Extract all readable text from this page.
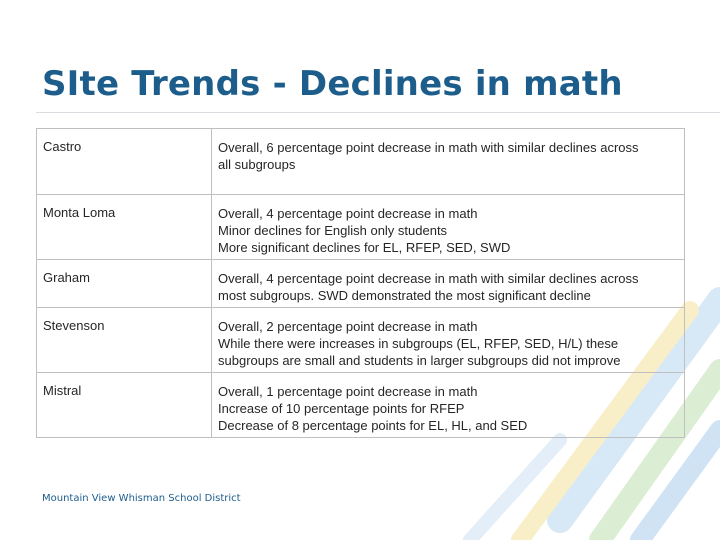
SIte Trends - Declines in math
Castro	Overall, 6 percentage point decrease in math with similar declines across
all subgroups

Monta Loma	Overall, 4 percentage point decrease in math
Minor declines for English only students
More significant declines for EL, RFEP, SED, SWD

Graham	Overall, 4 percentage point decrease in math with similar declines across
most subgroups. SWD demonstrated the most significant decline

Stevenson	Overall, 2 percentage point decrease in math
While there were increases in subgroups (EL, RFEP, SED, H/L) these
subgroups are small and students in larger subgroups did not improve

Mistral	Overall, 1 percentage point decrease in math
Increase of 10 percentage points for RFEP
Decrease of 8 percentage points for EL, HL, and SED
Mountain View Whisman School District
